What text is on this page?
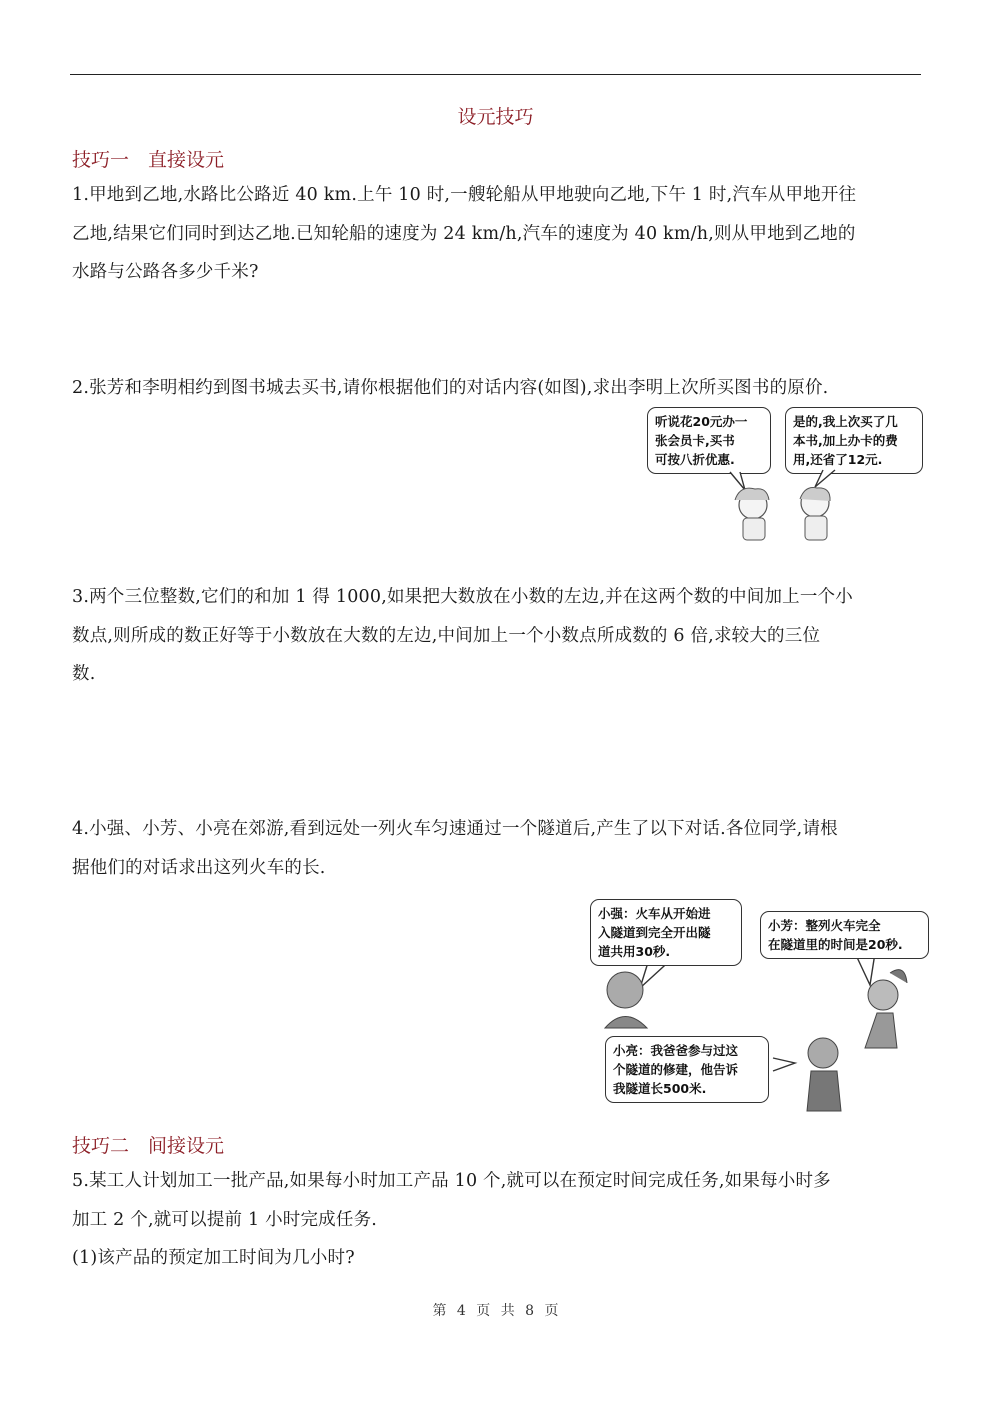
设元技巧
技巧一　直接设元
1.甲地到乙地,水路比公路近 40 km.上午 10 时,一艘轮船从甲地驶向乙地,下午 1 时,汽车从甲地开往
乙地,结果它们同时到达乙地.已知轮船的速度为 24 km/h,汽车的速度为 40 km/h,则从甲地到乙地的
水路与公路各多少千米?
2.张芳和李明相约到图书城去买书,请你根据他们的对话内容(如图),求出李明上次所买图书的原价.
听说花20元办一
张会员卡,买书
可按八折优惠.
是的,我上次买了几
本书,加上办卡的费
用,还省了12元.
3.两个三位整数,它们的和加 1 得 1000,如果把大数放在小数的左边,并在这两个数的中间加上一个小
数点,则所成的数正好等于小数放在大数的左边,中间加上一个小数点所成数的 6 倍,求较大的三位
数.
4.小强、小芳、小亮在郊游,看到远处一列火车匀速通过一个隧道后,产生了以下对话.各位同学,请根
据他们的对话求出这列火车的长.
小强：火车从开始进
入隧道到完全开出隧
道共用30秒.
小芳：整列火车完全
在隧道里的时间是20秒.
小亮：我爸爸参与过这
个隧道的修建，他告诉
我隧道长500米.
技巧二　间接设元
5.某工人计划加工一批产品,如果每小时加工产品 10 个,就可以在预定时间完成任务,如果每小时多
加工 2 个,就可以提前 1 小时完成任务.
(1)该产品的预定加工时间为几小时?
第 4 页 共 8 页
